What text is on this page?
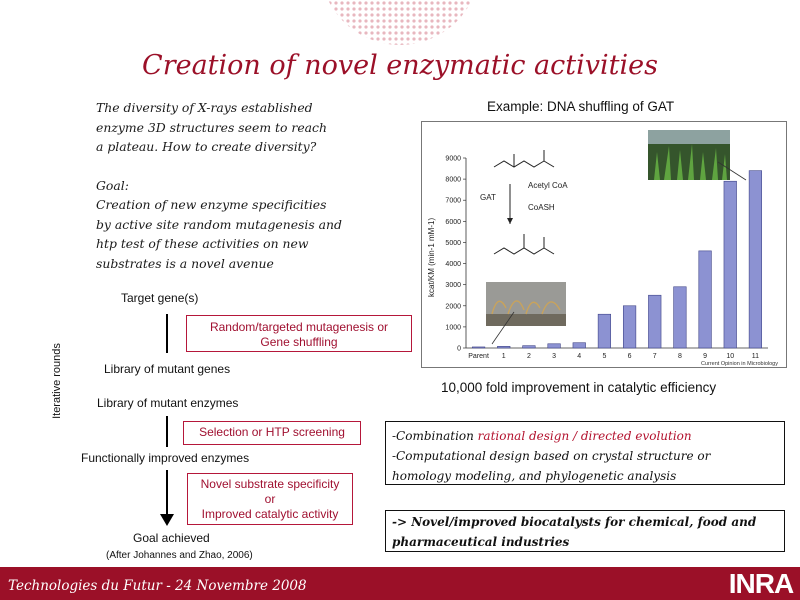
Creation of novel enzymatic activities

The diversity of X-rays established

enzyme 3D structures seem to reach

a plateau. How to create diversity?

Goal:

Creation of new enzyme specificities

by active site random mutagenesis and

htp test of these activities on new

substrates is a novel avenue

Target gene(s)
Random/targeted mutagenesis or
Gene shuffling
Library of mutant genes
Library of mutant enzymes
Selection or HTP screening
Functionally improved enzymes
Novel substrate specificity
or
Improved catalytic activity
Goal achieved
(After Johannes and Zhao, 2006)
Iterative rounds
Example: DNA shuffling of GAT
Acetyl CoA
CoASH
GAT
kcat/KM (min-1 mM-1)
0
1000
2000
3000
4000
5000
6000
7000
8000
9000
Parent 1	2	3	4	5	6	7	8	9	10	11
Current Opinion in Microbiology
10,000 fold improvement in catalytic efficiency
-Combination rational design / directed evolution
-Computational design based on crystal structure or
homology modeling, and phylogenetic analysis
-> Novel/improved biocatalysts for chemical, food and
pharmaceutical industries
Technologies du Futur - 24 Novembre 2008	INRA
